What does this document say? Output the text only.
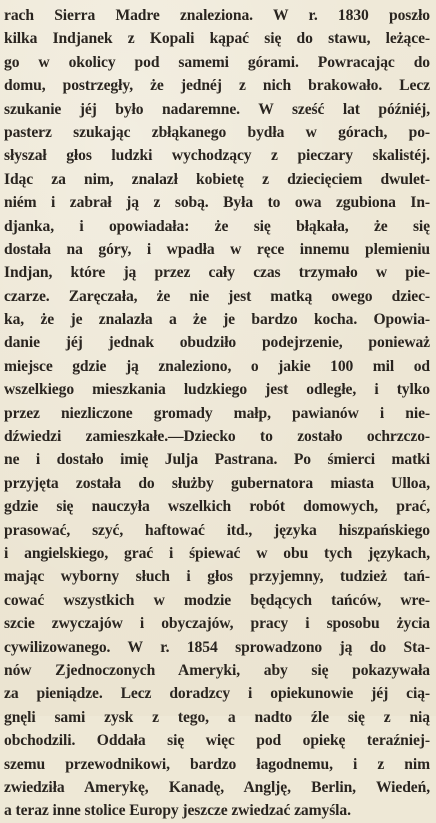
rach Sierra Madre znaleziona. W r. 1830 poszło
kilka Indjanek z Kopali kąpać się do stawu, leżące-
go w okolicy pod samemi górami. Powracając do
domu, postrzegły, że jednéj z nich brakowało. Lecz
szukanie jéj było nadaremne. W sześć lat późniéj,
pasterz szukając zbłąkanego bydła w górach, po-
słyszał głos ludzki wychodzący z pieczary skalistéj.
Idąc za nim, znalazł kobietę z dziecięciem dwulet-
niém i zabrał ją z sobą. Była to owa zgubiona In-
djanka, i opowiadała: że się błąkała, że się
dostała na góry, i wpadła w ręce innemu plemieniu
Indjan, które ją przez cały czas trzymało w pie-
czarze. Zaręczała, że nie jest matką owego dziec-
ka, że je znalazła a że je bardzo kocha. Opowia-
danie jéj jednak obudziło podejrzenie, ponieważ
miejsce gdzie ją znaleziono, o jakie 100 mil od
wszelkiego mieszkania ludzkiego jest odległe, i tylko
przez niezliczone gromady małp, pawianów i nie-
dźwiedzi zamieszkałe.—Dziecko to zostało ochrzczo-
ne i dostało imię Julja Pastrana. Po śmierci matki
przyjęta została do służby gubernatora miasta Ulloa,
gdzie się nauczyła wszelkich robót domowych, prać,
prasować, szyć, haftować itd., języka hiszpańskiego
i angielskiego, grać i śpiewać w obu tych językach,
mając wyborny słuch i głos przyjemny, tudzież tań-
cować wszystkich w modzie będących tańców, wre-
szcie zwyczajów i obyczajów, pracy i sposobu życia
cywilizowanego. W r. 1854 sprowadzono ją do Sta-
nów Zjednoczonych Ameryki, aby się pokazywała
za pieniądze. Lecz doradzcy i opiekunowie jéj cią-
gnęli sami zysk z tego, a nadto źle się z nią
obchodzili. Oddała się więc pod opiekę teraźniej-
szemu przewodnikowi, bardzo łagodnemu, i z nim
zwiedziła Amerykę, Kanadę, Anglję, Berlin, Wiedeń,
a teraz inne stolice Europy jeszcze zwiedzać zamyśla.
